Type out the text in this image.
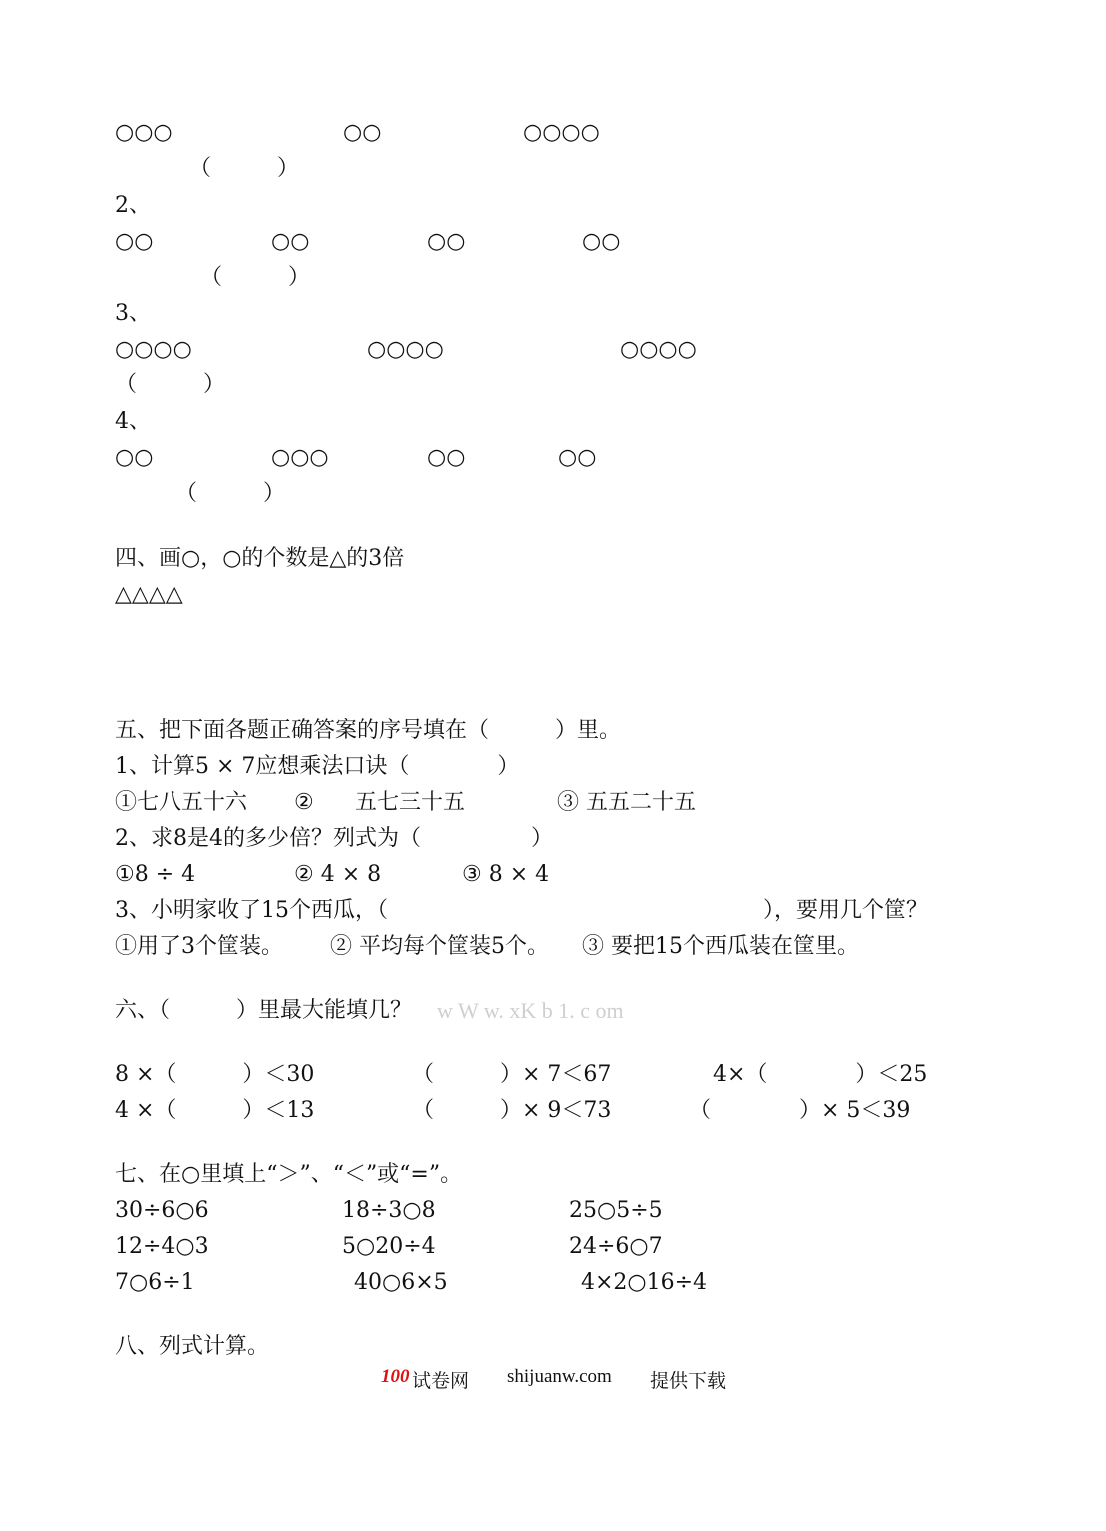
○○○	○○	○○○○
（　　　）
2、
○○	○○	○○	○○
（　　　）
3、
○○○○	○○○○	○○○○
（　　　）
4、
○○	○○○	○○	○○
（　　　）
四、画○，○的个数是△的3倍
△△△△
五、把下面各题正确答案的序号填在（　　　）里。
1、计算5 × 7应想乘法口诀（　　　　）
①七八五十六 ② 五七三十五	③ 五五二十五
2、求8是4的多少倍？列式为（　　　　　）
①8 ÷ 4	② 4 × 8	③ 8 × 4
3、小明家收了15个西瓜，（	），要用几个筐？
①用了3个筐装。 ② 平均每个筐装5个。 ③ 要把15个西瓜装在筐里。
六、（　　　）里最大能填几？ w W w. xK b 1. c om
8 ×（　　　）＜30	（　　　）× 7＜67	4×（　　　　）＜25
4 ×（　　　）＜13	（　　　）× 9＜73	（　　　　）× 5＜39
七、在○里填上“＞”、“＜”或“=”。
30÷6○6	18÷3○8	25○5÷5
12÷4○3	5○20÷4	24÷6○7
7○6÷1	40○6×5	4×2○16÷4
八、列式计算。
100 试卷网 shijuanw.com 提供下载
